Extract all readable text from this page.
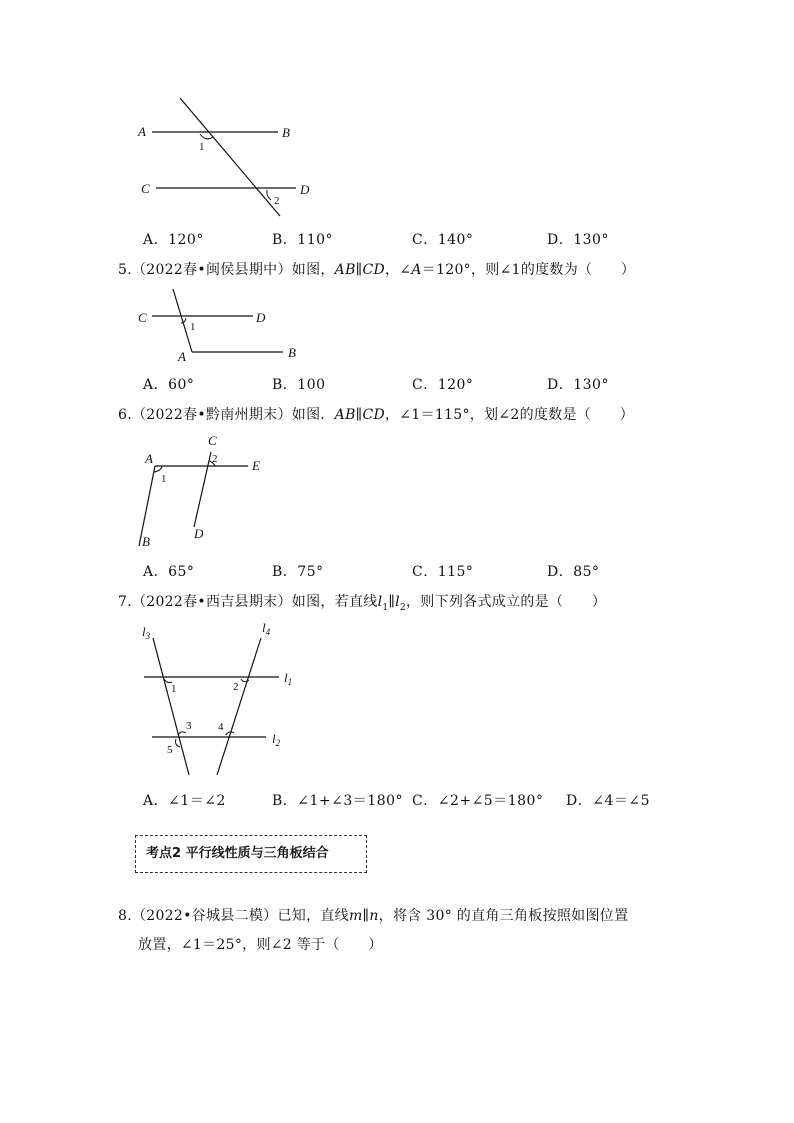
A	B
C	D
1
2
A．120°	B．110°	C．140°	D．130°
5.（2022春•闽侯县期中）如图，AB∥CD，∠A＝120°，则∠1的度数为（　　）
C	D
A	B
1
A．60°	B．100	C．120°	D．130°
6.（2022春•黔南州期末）如图．AB∥CD，∠1＝115°，划∠2的度数是（　　）
A
B
C
D
E
1
2
A．65°	B．75°	C．115°	D．85°
7.（2022春•西吉县期末）如图，若直线$l_1\parallel l_2$，则下列各式成立的是（　　）
$l_3$
$l_4$
$l_1$
$l_2$
1	2
3 4
5
A．∠1＝∠2	B．∠1+∠3＝180° C．∠2+∠5＝180° D．∠4＝∠5
考点2 平行线性质与三角板结合
8.（2022•谷城县二模）已知，直线m∥n，将含 30° 的直角三角板按照如图位置
放置，∠1＝25°，则∠2 等于（　　）
